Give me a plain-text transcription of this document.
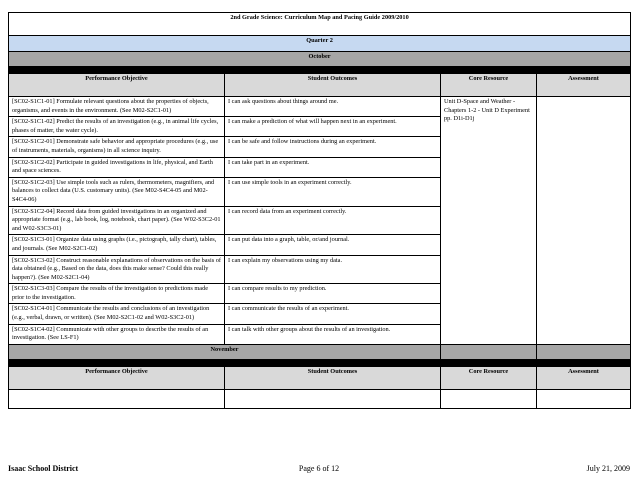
2nd Grade Science: Curriculum Map and Pacing Guide 2009/2010			
Quarter 2			
October			

Performance Objective	Student Outcomes	Core Resource	Assessment
[SC02-S1C1-01] Formulate relevant questions about the properties of objects, organisms, and events in the environment. (See M02-S2C1-01)	I can ask questions about things around me.	Unit D-Space and Weather - Chapters 1-2 - Unit D Experiment pp. D1i-D1j	
[SC02-S1C1-02] Predict the results of an investigation (e.g., in animal life cycles, phases of matter, the water cycle).	I can make a prediction of what will happen next in an experiment.		
[SC02-S1C2-01] Demonstrate safe behavior and appropriate procedures (e.g., use of instruments, materials, organisms) in all science inquiry.	I can be safe and follow instructions during an experiment.		
[SC02-S1C2-02] Participate in guided investigations in life, physical, and Earth and space sciences.	I can take part in an experiment.		
[SC02-S1C2-03] Use simple tools such as rulers, thermometers, magnifiers, and balances to collect data (U.S. customary units). (See M02-S4C4-05 and M02-S4C4-06)	I can use simple tools in an experiment correctly.		
[SC02-S1C2-04] Record data from guided investigations in an organized and appropriate format (e.g., lab book, log, notebook, chart paper). (See W02-S3C2-01 and W02-S3C3-01)	I can record data from an experiment correctly.		
[SC02-S1C3-01] Organize data using graphs (i.e., pictograph, tally chart), tables, and journals. (See M02-S2C1-02)	I can put data into a graph, table, or/and journal.		
[SC02-S1C3-02] Construct reasonable explanations of observations on the basis of data obtained (e.g., Based on the data, does this make sense? Could this really happen?). (See M02-S2C1-04)	I can explain my observations using my data.		
[SC02-S1C3-03] Compare the results of the investigation to predictions made prior to the investigation.	I can compare results to my prediction.		
[SC02-S1C4-01] Communicate the results and conclusions of an investigation (e.g., verbal, drawn, or written). (See M02-S2C1-02 and W02-S3C2-01)	I can communicate the results of an experiment.		
[SC02-S1C4-02] Communicate with other groups to describe the results of an investigation. (See LS-F1)	I can talk with other groups about the results of an investigation.		
November			

Performance Objective	Student Outcomes	Core Resource	Assessment

Isaac School District	Page 6 of 12	July 21, 2009
